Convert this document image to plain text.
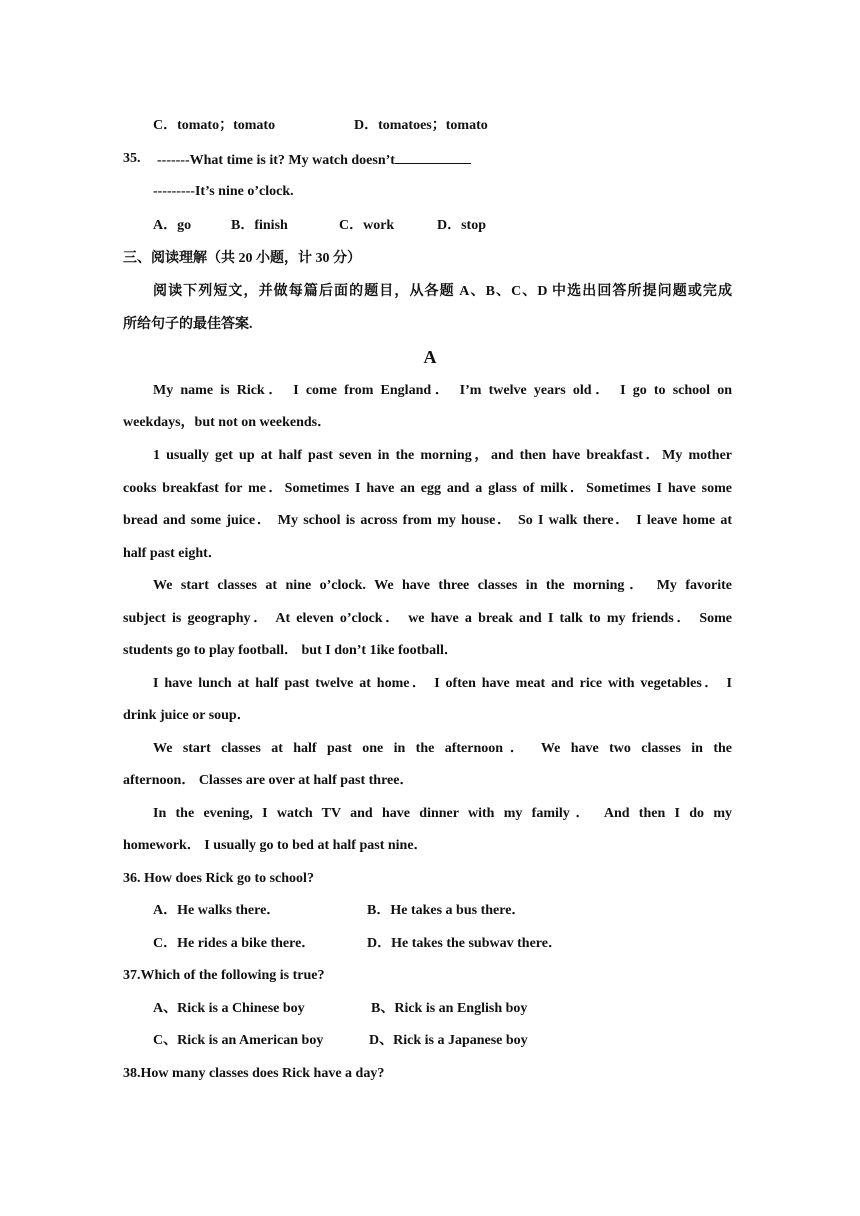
C．tomato；tomato	D．tomatoes；tomato
35. -------What time is it? My watch doesn’t
---------It’s nine o’clock.
A．go	B．finish	C．work	D．stop
三、阅读理解（共 20 小题，计 30 分）
阅读下列短文，并做每篇后面的题目，从各题 A、B、C、D 中选出回答所提问题或完成
所给句子的最佳答案.
A
My name is Rick． I come from England． I’m twelve years old． I go to school on
weekdays，but not on weekends．
1 usually get up at half past seven in the morning，and then have breakfast．My mother
cooks breakfast for me．Sometimes I have an egg and a glass of milk．Sometimes I have some
bread and some juice． My school is across from my house． So I walk there． I leave home at
half past eight．
We start classes at nine o’clock. We have three classes in the morning． My favorite
subject is geography． At eleven o’clock． we have a break and I talk to my friends． Some
students go to play football． but I don’t 1ike football．
I have lunch at half past twelve at home． I often have meat and rice with vegetables． I
drink juice or soup．
We start classes at half past one in the afternoon． We have two classes in the
afternoon． Classes are over at half past three．
In the evening, I watch TV and have dinner with my family． And then I do my
homework． I usually go to bed at half past nine．
36. How does Rick go to school?
A．He walks there．	B．He takes a bus there．
C．He rides a bike there．	D．He takes the subwav there．
37.Which of the following is true?
A、Rick is a Chinese boy	B、Rick is an English boy
C、Rick is an American boy	D、Rick is a Japanese boy
38.How many classes does Rick have a day?
